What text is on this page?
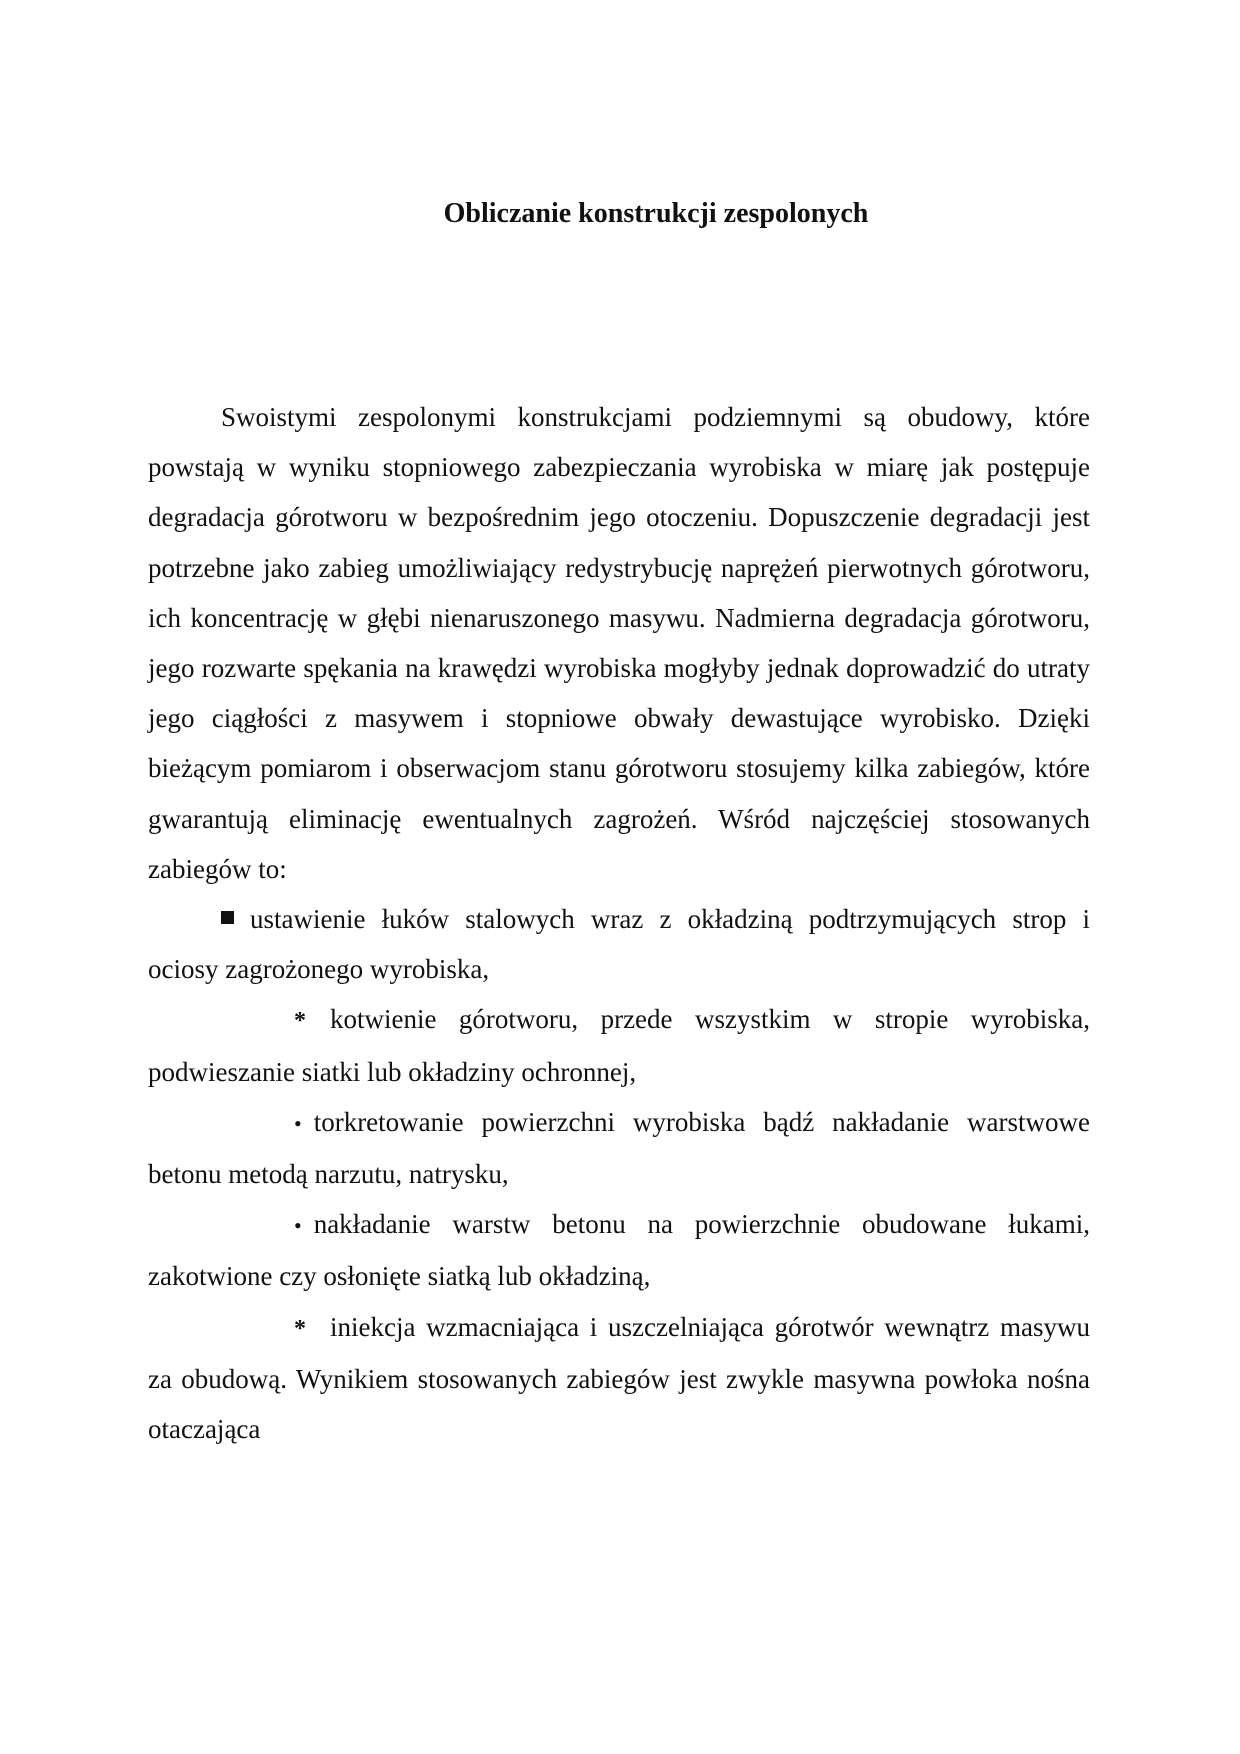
Obliczanie konstrukcji zespolonych

Swoistymi zespolonymi konstrukcjami podziemnymi są obudowy, które powstają w wyniku stopniowego zabezpieczania wyrobiska w miarę jak postępuje degradacja górotworu w bezpośrednim jego otoczeniu. Dopuszczenie degradacji jest potrzebne jako zabieg umożliwiający redystrybucję naprężeń pierwotnych górotworu, ich koncentrację w głębi nienaruszonego masywu. Nadmierna degradacja górotworu, jego rozwarte spękania na krawędzi wyrobiska mogłyby jednak doprowadzić do utraty jego ciągłości z masywem i stopniowe obwały dewastujące wyrobisko. Dzięki bieżącym pomiarom i obserwacjom stanu górotworu stosujemy kilka zabiegów, które gwarantują eliminację ewentualnych zagrożeń. Wśród najczęściej stosowanych zabiegów to:

ustawienie łuków stalowych wraz z okładziną podtrzymujących strop i ociosy zagrożonego wyrobiska,

* kotwienie górotworu, przede wszystkim w stropie wyrobiska, podwieszanie siatki lub okładziny ochronnej,

• torkretowanie powierzchni wyrobiska bądź nakładanie warstwowe betonu metodą narzutu, natrysku,

• nakładanie warstw betonu na powierzchnie obudowane łukami, zakotwione czy osłonięte siatką lub okładziną,

* iniekcja wzmacniająca i uszczelniająca górotwór wewnątrz masywu za obudową. Wynikiem stosowanych zabiegów jest zwykle masywna powłoka nośna otaczająca
